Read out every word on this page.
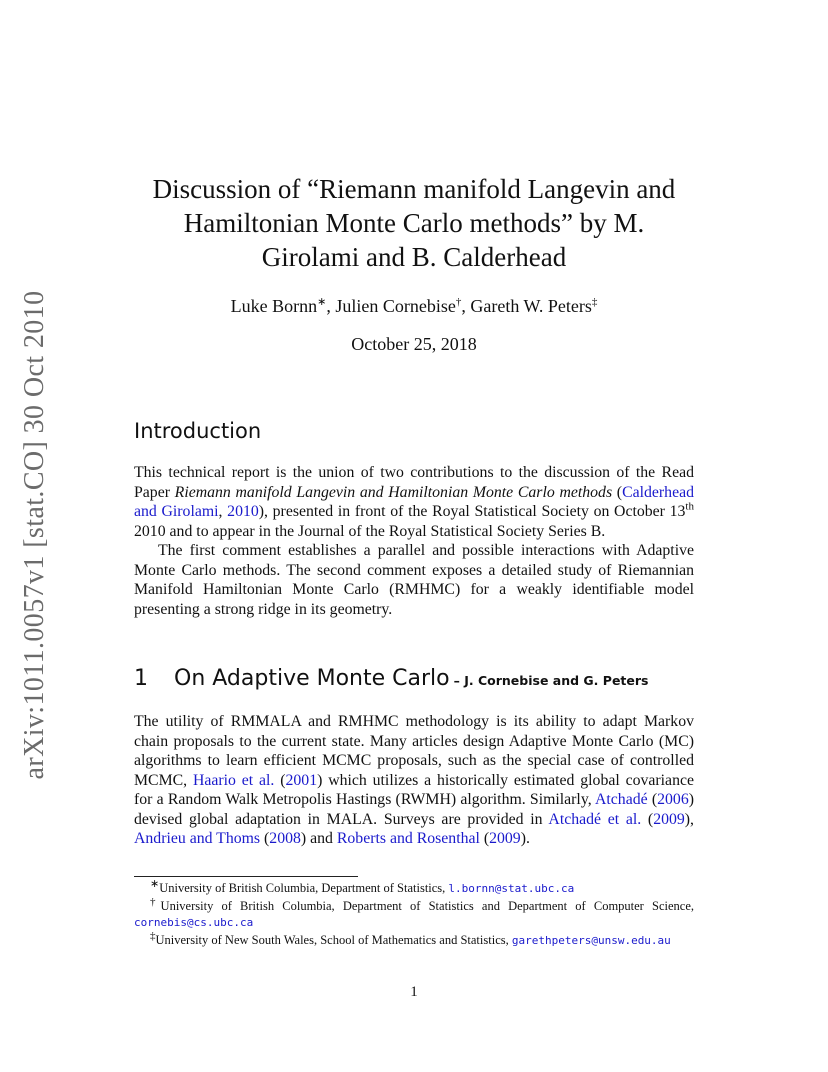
arXiv:1011.0057v1 [stat.CO] 30 Oct 2010
Discussion of “Riemann manifold Langevin and
Hamiltonian Monte Carlo methods” by M.
Girolami and B. Calderhead
Luke Bornn∗, Julien Cornebise†, Gareth W. Peters‡
October 25, 2018
Introduction

This technical report is the union of two contributions to the discussion of the Read Paper Riemann manifold Langevin and Hamiltonian Monte Carlo methods (Calderhead and Girolami, 2010), presented in front of the Royal Statistical Society on October 13th 2010 and to appear in the Journal of the Royal Statistical Society Series B.

The first comment establishes a parallel and possible interactions with Adaptive Monte Carlo methods. The second comment exposes a detailed study of Riemannian Manifold Hamiltonian Monte Carlo (RMHMC) for a weakly identifiable model presenting a strong ridge in its geometry.

1 On Adaptive Monte Carlo – J. Cornebise and G. Peters

The utility of RMMALA and RMHMC methodology is its ability to adapt Markov chain proposals to the current state. Many articles design Adaptive Monte Carlo (MC) algorithms to learn efficient MCMC proposals, such as the special case of controlled MCMC, Haario et al. (2001) which utilizes a historically estimated global covariance for a Random Walk Metropolis Hastings (RWMH) algorithm. Similarly, Atchadé (2006) devised global adaptation in MALA. Surveys are provided in Atchadé et al. (2009), Andrieu and Thoms (2008) and Roberts and Rosenthal (2009).

∗University of British Columbia, Department of Statistics, l.bornn@stat.ubc.ca

†University of British Columbia, Department of Statistics and Department of Computer Science, cornebis@cs.ubc.ca

‡University of New South Wales, School of Mathematics and Statistics, garethpeters@unsw.edu.au

1
